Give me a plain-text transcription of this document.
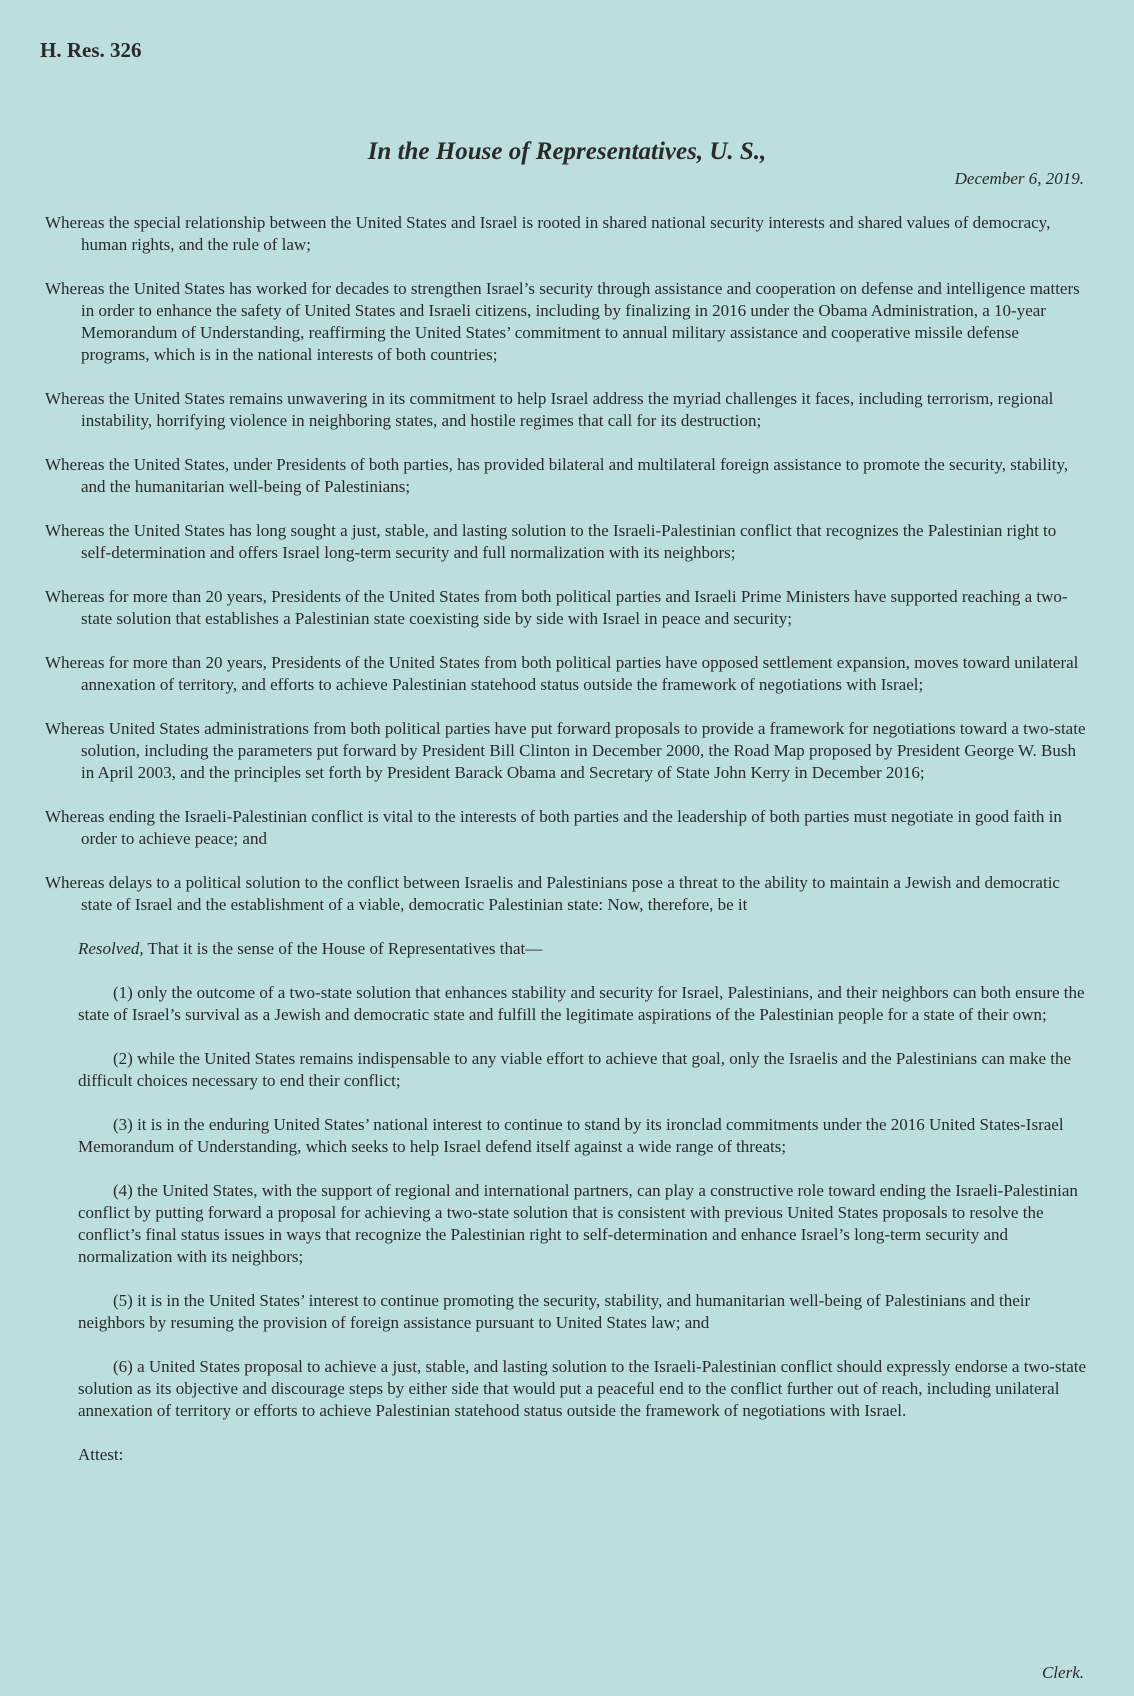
H. Res. 326
In the House of Representatives, U. S.,
December 6, 2019.

Whereas the special relationship between the United States and Israel is rooted in shared national security interests and shared values of democracy, human rights, and the rule of law;

Whereas the United States has worked for decades to strengthen Israel’s security through assistance and cooperation on defense and intelligence matters in order to enhance the safety of United States and Israeli citizens, including by finalizing in 2016 under the Obama Administration, a 10-year Memorandum of Understanding, reaffirming the United States’ commitment to annual military assistance and cooperative missile defense programs, which is in the national interests of both countries;

Whereas the United States remains unwavering in its commitment to help Israel address the myriad challenges it faces, including terrorism, regional instability, horrifying violence in neighboring states, and hostile regimes that call for its destruction;

Whereas the United States, under Presidents of both parties, has provided bilateral and multilateral foreign assistance to promote the security, stability, and the humanitarian well-being of Palestinians;

Whereas the United States has long sought a just, stable, and lasting solution to the Israeli-Palestinian conflict that recognizes the Palestinian right to self-determination and offers Israel long-term security and full normalization with its neighbors;

Whereas for more than 20 years, Presidents of the United States from both political parties and Israeli Prime Ministers have supported reaching a two-state solution that establishes a Palestinian state coexisting side by side with Israel in peace and security;

Whereas for more than 20 years, Presidents of the United States from both political parties have opposed settlement expansion, moves toward unilateral annexation of territory, and efforts to achieve Palestinian statehood status outside the framework of negotiations with Israel;

Whereas United States administrations from both political parties have put forward proposals to provide a framework for negotiations toward a two-state solution, including the parameters put forward by President Bill Clinton in December 2000, the Road Map proposed by President George W. Bush in April 2003, and the principles set forth by President Barack Obama and Secretary of State John Kerry in December 2016;

Whereas ending the Israeli-Palestinian conflict is vital to the interests of both parties and the leadership of both parties must negotiate in good faith in order to achieve peace; and

Whereas delays to a political solution to the conflict between Israelis and Palestinians pose a threat to the ability to maintain a Jewish and democratic state of Israel and the establishment of a viable, democratic Palestinian state: Now, therefore, be it

Resolved, That it is the sense of the House of Representatives that—

(1) only the outcome of a two-state solution that enhances stability and security for Israel, Palestinians, and their neighbors can both ensure the state of Israel’s survival as a Jewish and democratic state and fulfill the legitimate aspirations of the Palestinian people for a state of their own;

(2) while the United States remains indispensable to any viable effort to achieve that goal, only the Israelis and the Palestinians can make the difficult choices necessary to end their conflict;

(3) it is in the enduring United States’ national interest to continue to stand by its ironclad commitments under the 2016 United States-Israel Memorandum of Understanding, which seeks to help Israel defend itself against a wide range of threats;

(4) the United States, with the support of regional and international partners, can play a constructive role toward ending the Israeli-Palestinian conflict by putting forward a proposal for achieving a two-state solution that is consistent with previous United States proposals to resolve the conflict’s final status issues in ways that recognize the Palestinian right to self-determination and enhance Israel’s long-term security and normalization with its neighbors;

(5) it is in the United States’ interest to continue promoting the security, stability, and humanitarian well-being of Palestinians and their neighbors by resuming the provision of foreign assistance pursuant to United States law; and

(6) a United States proposal to achieve a just, stable, and lasting solution to the Israeli-Palestinian conflict should expressly endorse a two-state solution as its objective and discourage steps by either side that would put a peaceful end to the conflict further out of reach, including unilateral annexation of territory or efforts to achieve Palestinian statehood status outside the framework of negotiations with Israel.

Attest:

Clerk.
